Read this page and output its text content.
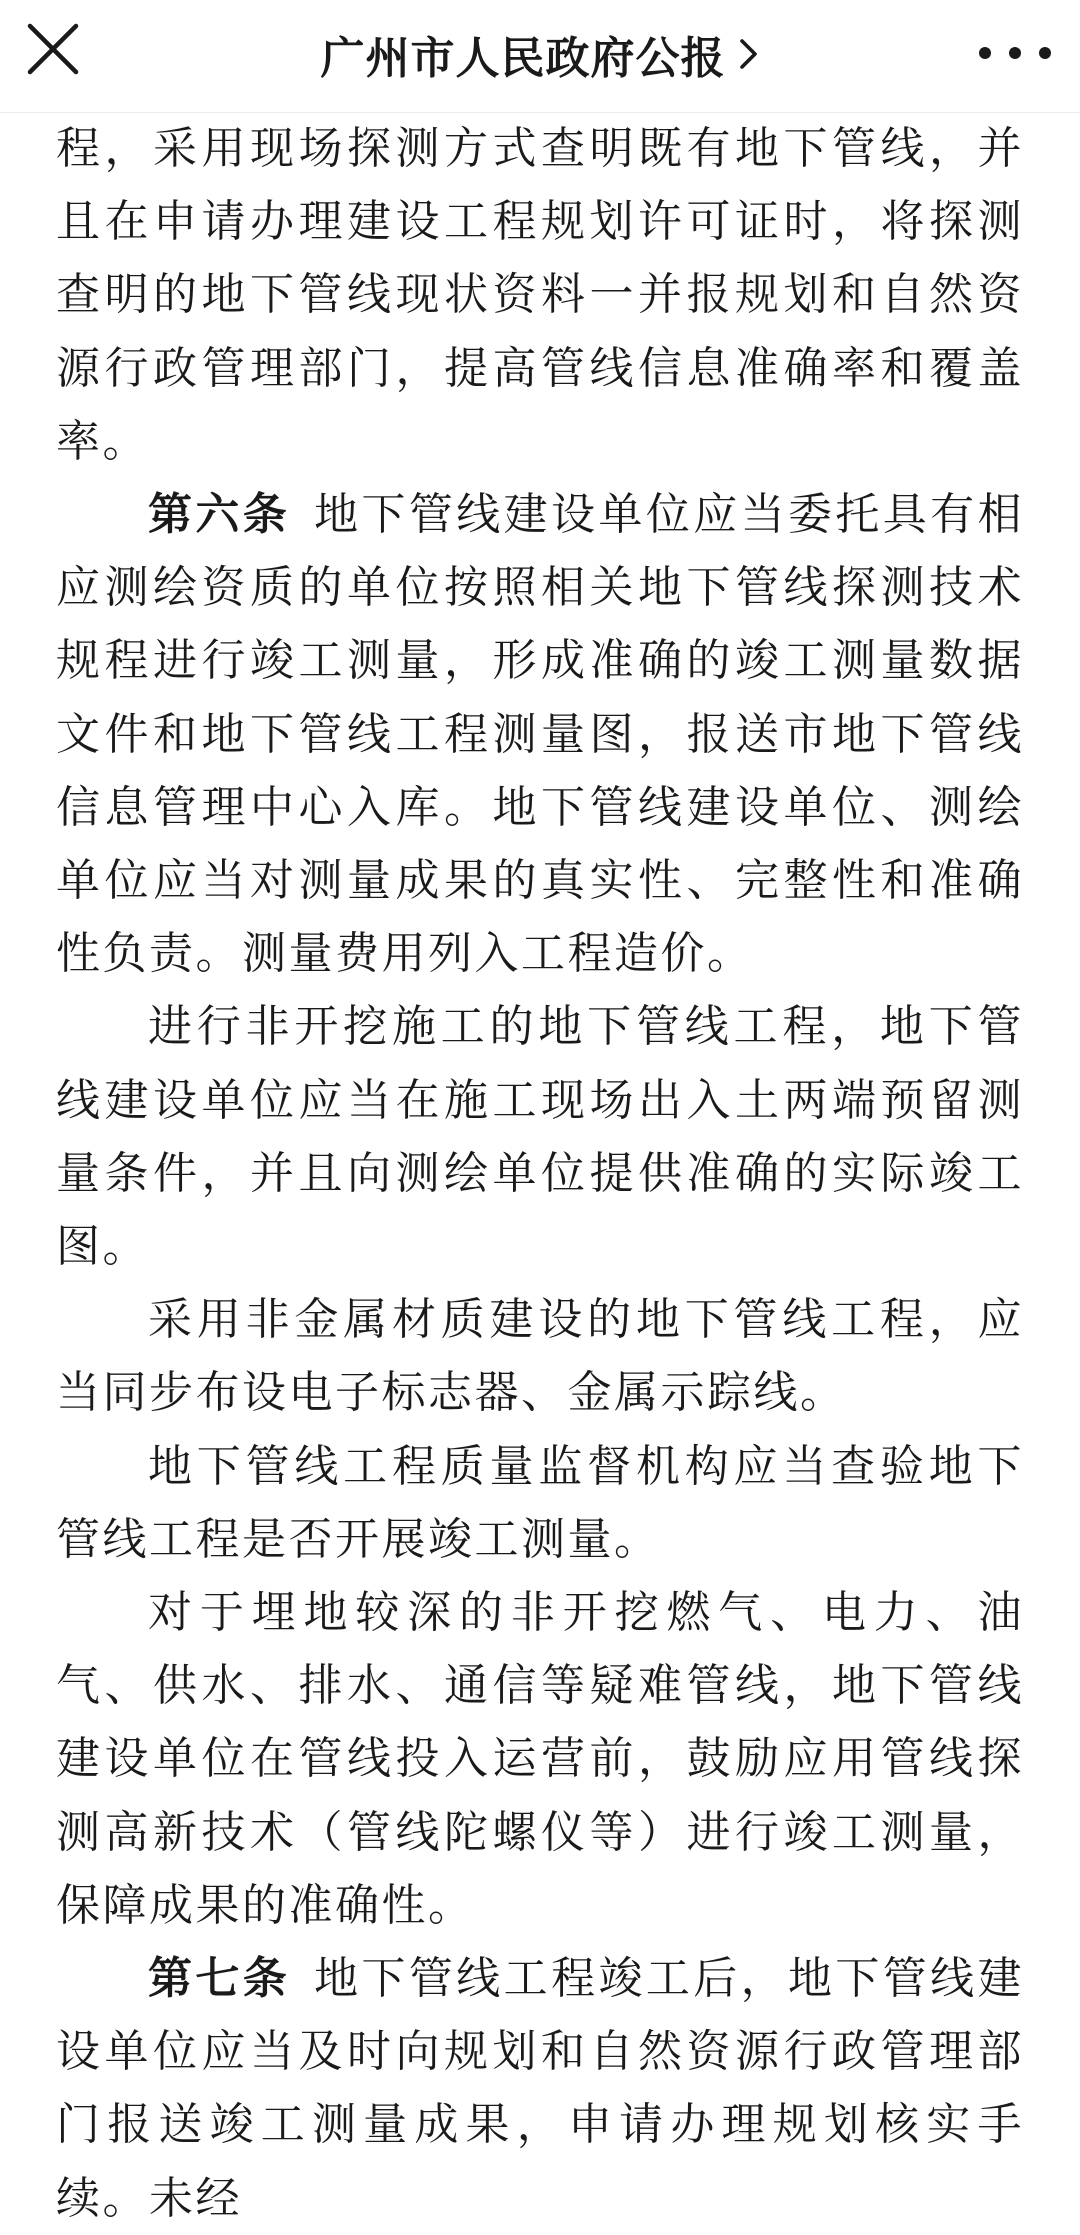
广州市人民政府公报

程，采用现场探测方式查明既有地下管线，并且在申请办理建设工程规划许可证时，将探测查明的地下管线现状资料一并报规划和自然资源行政管理部门，提高管线信息准确率和覆盖率。

第六条 地下管线建设单位应当委托具有相应测绘资质的单位按照相关地下管线探测技术规程进行竣工测量，形成准确的竣工测量数据文件和地下管线工程测量图，报送市地下管线信息管理中心入库。地下管线建设单位、测绘单位应当对测量成果的真实性、完整性和准确性负责。测量费用列入工程造价。

进行非开挖施工的地下管线工程，地下管线建设单位应当在施工现场出入土两端预留测量条件，并且向测绘单位提供准确的实际竣工图。

采用非金属材质建设的地下管线工程，应当同步布设电子标志器、金属示踪线。

地下管线工程质量监督机构应当查验地下管线工程是否开展竣工测量。

对于埋地较深的非开挖燃气、电力、油气、供水、排水、通信等疑难管线，地下管线建设单位在管线投入运营前，鼓励应用管线探测高新技术（管线陀螺仪等）进行竣工测量，保障成果的准确性。

第七条 地下管线工程竣工后，地下管线建设单位应当及时向规划和自然资源行政管理部门报送竣工测量成果，申请办理规划核实手续。未经
